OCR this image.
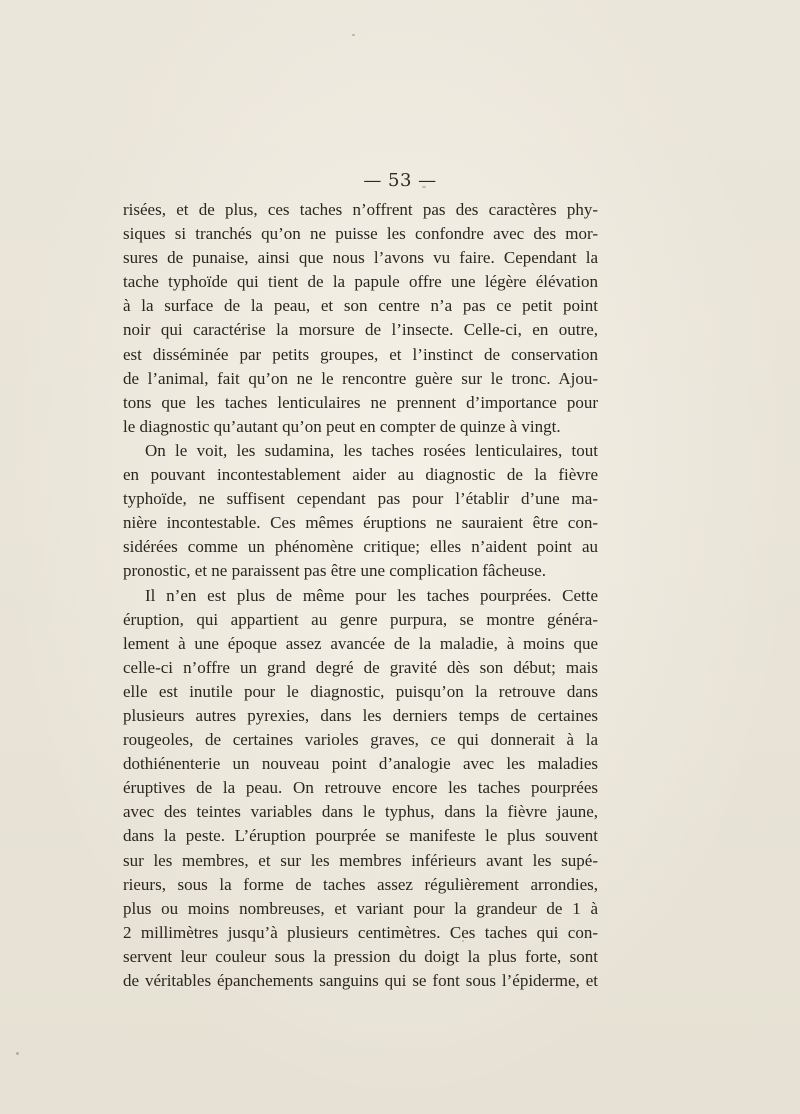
— 53 —
risées, et de plus, ces taches n’offrent pas des caractères phy-
siques si tranchés qu’on ne puisse les confondre avec des mor-
sures de punaise, ainsi que nous l’avons vu faire. Cependant la
tache typhoïde qui tient de la papule offre une légère élévation
à la surface de la peau, et son centre n’a pas ce petit point
noir qui caractérise la morsure de l’insecte. Celle-ci, en outre,
est disséminée par petits groupes, et l’instinct de conservation
de l’animal, fait qu’on ne le rencontre guère sur le tronc. Ajou-
tons que les taches lenticulaires ne prennent d’importance pour
le diagnostic qu’autant qu’on peut en compter de quinze à vingt.
On le voit, les sudamina, les taches rosées lenticulaires, tout
en pouvant incontestablement aider au diagnostic de la fièvre
typhoïde, ne suffisent cependant pas pour l’établir d’une ma-
nière incontestable. Ces mêmes éruptions ne sauraient être con-
sidérées comme un phénomène critique; elles n’aident point au
pronostic, et ne paraissent pas être une complication fâcheuse.
Il n’en est plus de même pour les taches pourprées. Cette
éruption, qui appartient au genre purpura, se montre généra-
lement à une époque assez avancée de la maladie, à moins que
celle-ci n’offre un grand degré de gravité dès son début; mais
elle est inutile pour le diagnostic, puisqu’on la retrouve dans
plusieurs autres pyrexies, dans les derniers temps de certaines
rougeoles, de certaines varioles graves, ce qui donnerait à la
dothiénenterie un nouveau point d’analogie avec les maladies
éruptives de la peau. On retrouve encore les taches pourprées
avec des teintes variables dans le typhus, dans la fièvre jaune,
dans la peste. L’éruption pourprée se manifeste le plus souvent
sur les membres, et sur les membres inférieurs avant les supé-
rieurs, sous la forme de taches assez régulièrement arrondies,
plus ou moins nombreuses, et variant pour la grandeur de 1 à
2 millimètres jusqu’à plusieurs centimètres. Ces taches qui con-
servent leur couleur sous la pression du doigt la plus forte, sont
de véritables épanchements sanguins qui se font sous l’épiderme, et
